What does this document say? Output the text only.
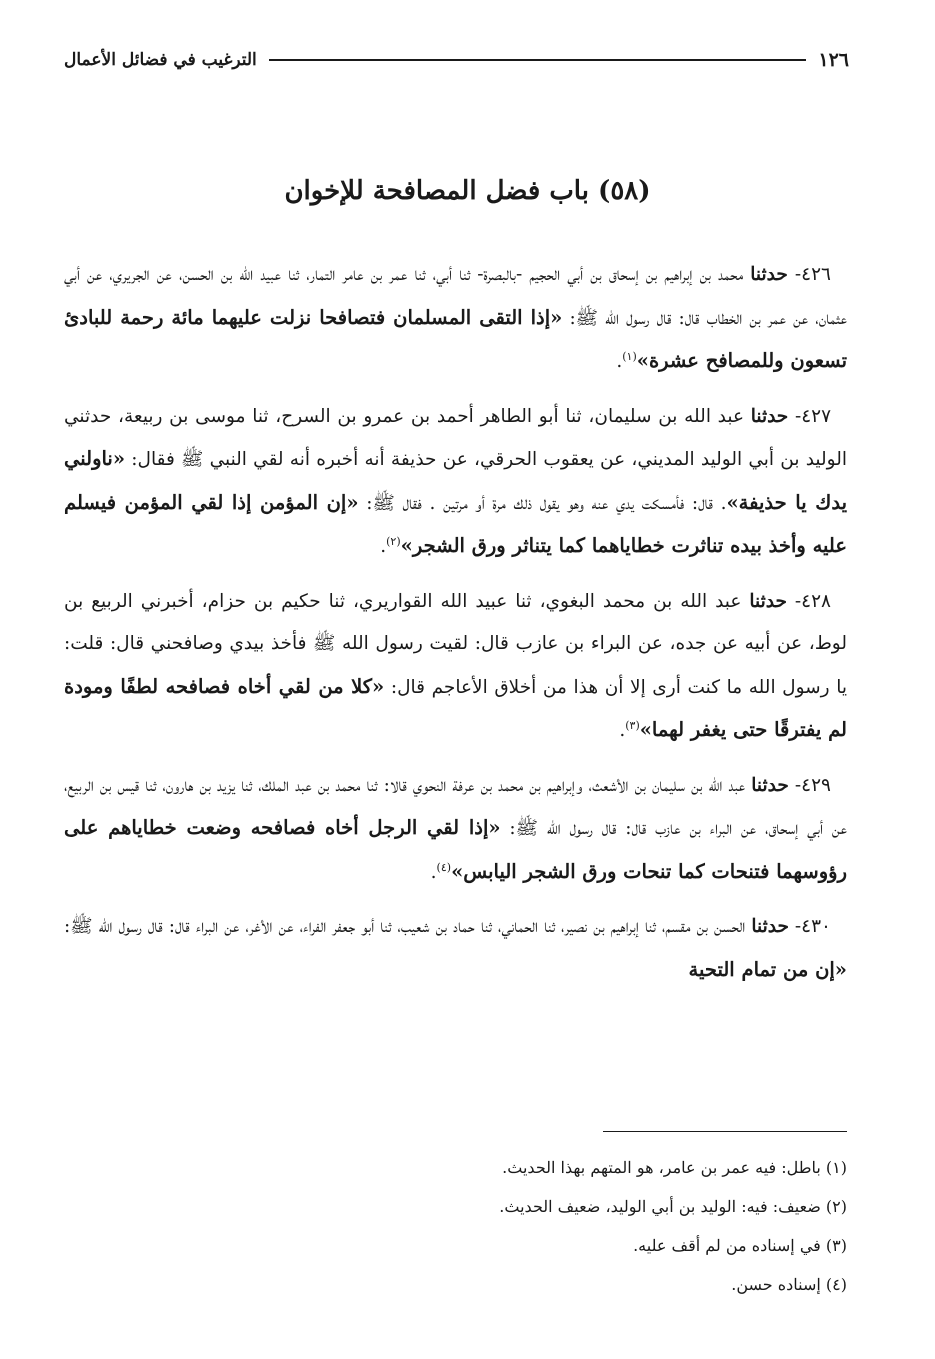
١٢٦
الترغيب في فضائل الأعمال
(٥٨) باب فضل المصافحة للإخوان

٤٢٦- حدثنا محمد بن إبراهيم بن إسحاق بن أبي الحجيم -بالبصرة- ثنا أبي، ثنا عمر بن عامر التمار، ثنا عبيد الله بن الحسن، عن الجريري، عن أبي عثمان، عن عمر بن الخطاب قال: قال رسول الله ﷺ: «إذا التقى المسلمان فتصافحا نزلت عليهما مائة رحمة للبادئ تسعون وللمصافح عشرة»$^{(١)}$.

٤٢٧- حدثنا عبد الله بن سليمان، ثنا أبو الطاهر أحمد بن عمرو بن السرح، ثنا موسى بن ربيعة، حدثني الوليد بن أبي الوليد المديني، عن يعقوب الحرقي، عن حذيفة أنه أخبره أنه لقي النبي ﷺ فقال: «ناولني يدك يا حذيفة». قال: فأمسكت يدي عنه وهو يقول ذلك مرة أو مرتين . فقال ﷺ: «إن المؤمن إذا لقي المؤمن فيسلم عليه وأخذ بيده تناثرت خطاياهما كما يتناثر ورق الشجر»$^{(٢)}$.

٤٢٨- حدثنا عبد الله بن محمد البغوي، ثنا عبيد الله القواريري، ثنا حكيم بن حزام، أخبرني الربيع بن لوط، عن أبيه عن جده، عن البراء بن عازب قال: لقيت رسول الله ﷺ فأخذ بيدي وصافحني قال: قلت: يا رسول الله ما كنت أرى إلا أن هذا من أخلاق الأعاجم قال: «كلا من لقي أخاه فصافحه لطفًا ومودة لم يفترقًا حتى يغفر لهما»$^{(٣)}$.

٤٢٩- حدثنا عبد الله بن سليمان بن الأشعث، وإبراهيم بن محمد بن عرفة النحوي قالا: ثنا محمد بن عبد الملك، ثنا يزيد بن هارون، ثنا قيس بن الربيع، عن أبي إسحاق، عن البراء بن عازب قال: قال رسول الله ﷺ: «إذا لقي الرجل أخاه فصافحه وضعت خطاياهم على رؤوسهما فتنحات كما تنحات ورق الشجر اليابس»$^{(٤)}$.

٤٣٠- حدثنا الحسن بن مقسم، ثنا إبراهيم بن نصير، ثنا الحماني، ثنا حماد بن شعيب، ثنا أبو جعفر الفراء، عن الأغر، عن البراء قال: قال رسول الله ﷺ: «إن من تمام التحية

(١) باطل: فيه عمر بن عامر، هو المتهم بهذا الحديث.

(٢) ضعيف: فيه: الوليد بن أبي الوليد، ضعيف الحديث.

(٣) في إسناده من لم أقف عليه.

(٤) إسناده حسن.
